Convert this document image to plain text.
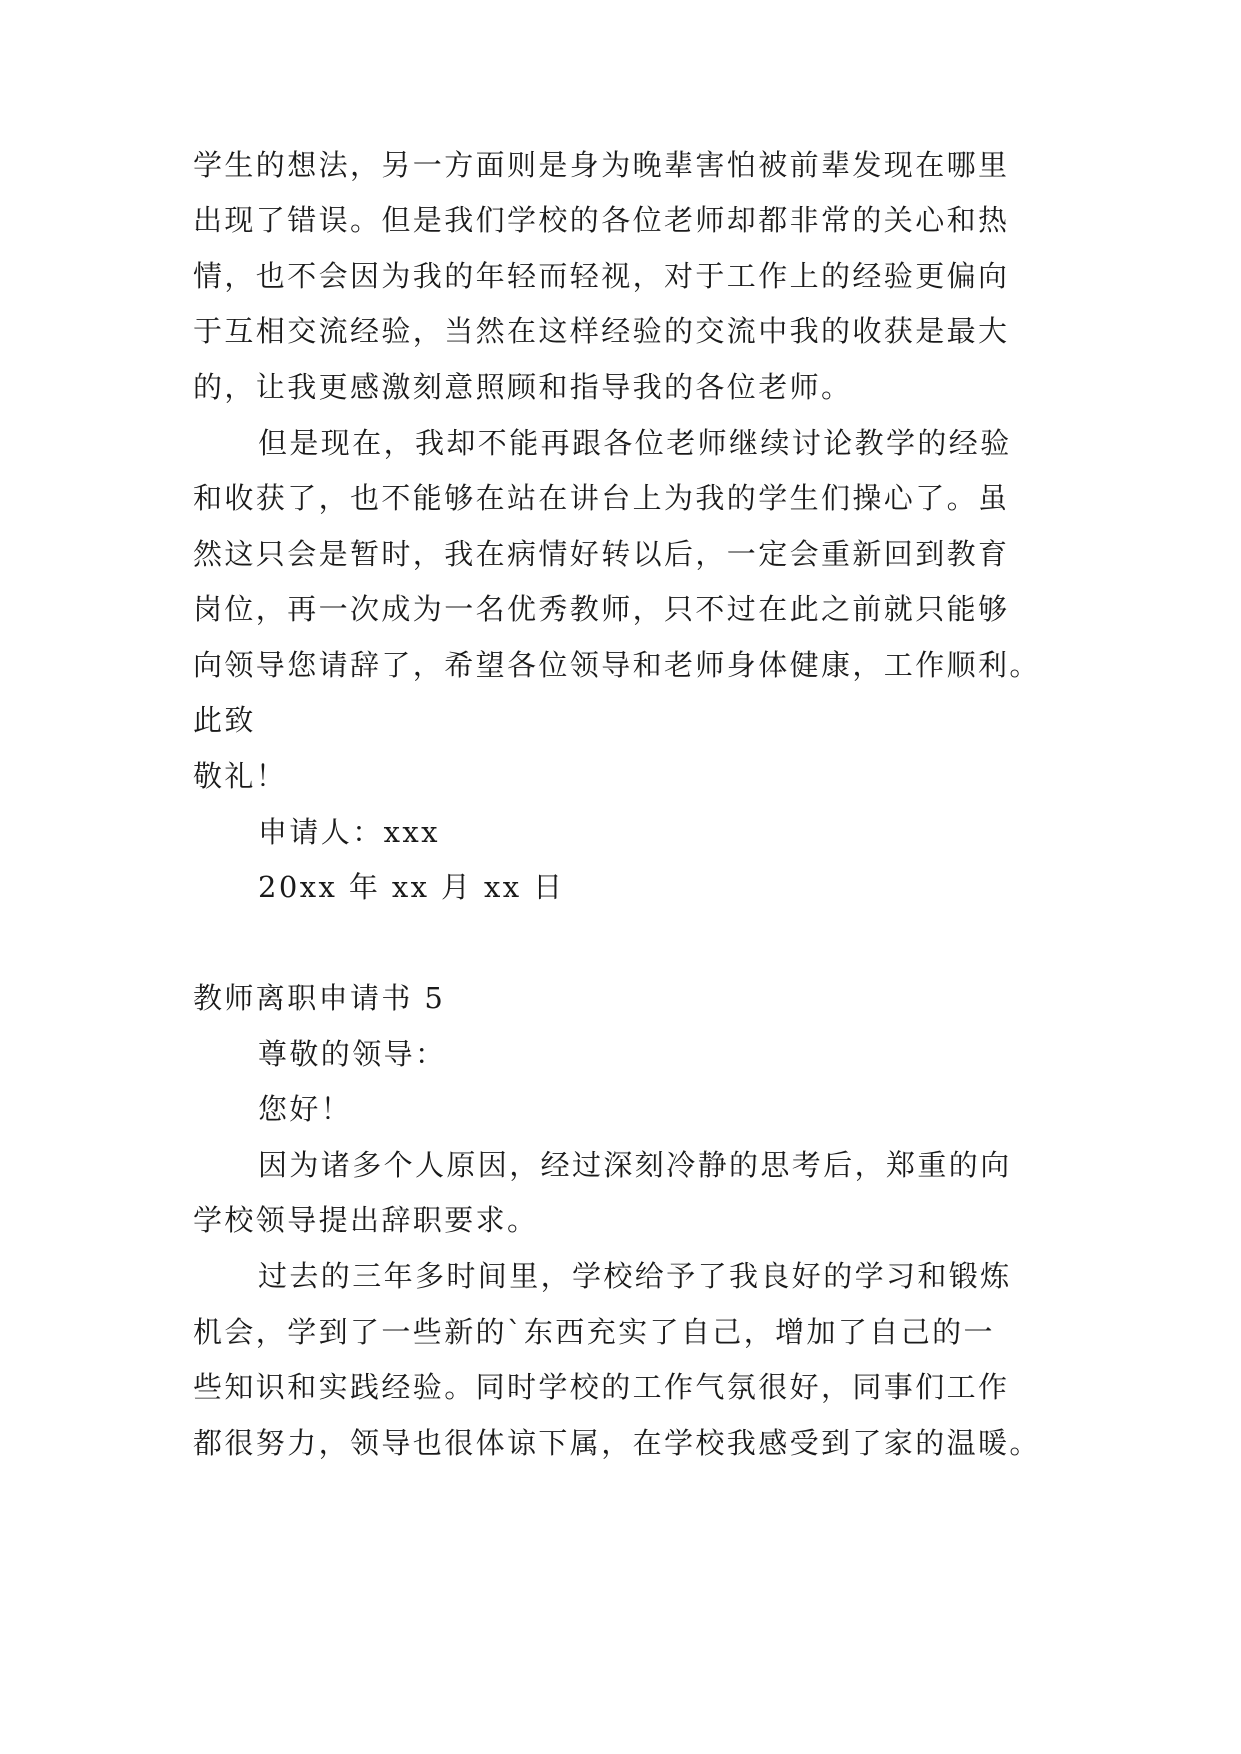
学生的想法，另一方面则是身为晚辈害怕被前辈发现在哪里
出现了错误。但是我们学校的各位老师却都非常的关心和热
情，也不会因为我的年轻而轻视，对于工作上的经验更偏向
于互相交流经验，当然在这样经验的交流中我的收获是最大
的，让我更感激刻意照顾和指导我的各位老师。
但是现在，我却不能再跟各位老师继续讨论教学的经验
和收获了，也不能够在站在讲台上为我的学生们操心了。虽
然这只会是暂时，我在病情好转以后，一定会重新回到教育
岗位，再一次成为一名优秀教师，只不过在此之前就只能够
向领导您请辞了，希望各位领导和老师身体健康，工作顺利。
此致
敬礼！
申请人：xxx
20xx 年 xx 月 xx 日
教师离职申请书 5
尊敬的领导：
您好！
因为诸多个人原因，经过深刻冷静的思考后，郑重的向
学校领导提出辞职要求。
过去的三年多时间里，学校给予了我良好的学习和锻炼
机会，学到了一些新的`东西充实了自己，增加了自己的一
些知识和实践经验。同时学校的工作气氛很好，同事们工作
都很努力，领导也很体谅下属，在学校我感受到了家的温暖。
